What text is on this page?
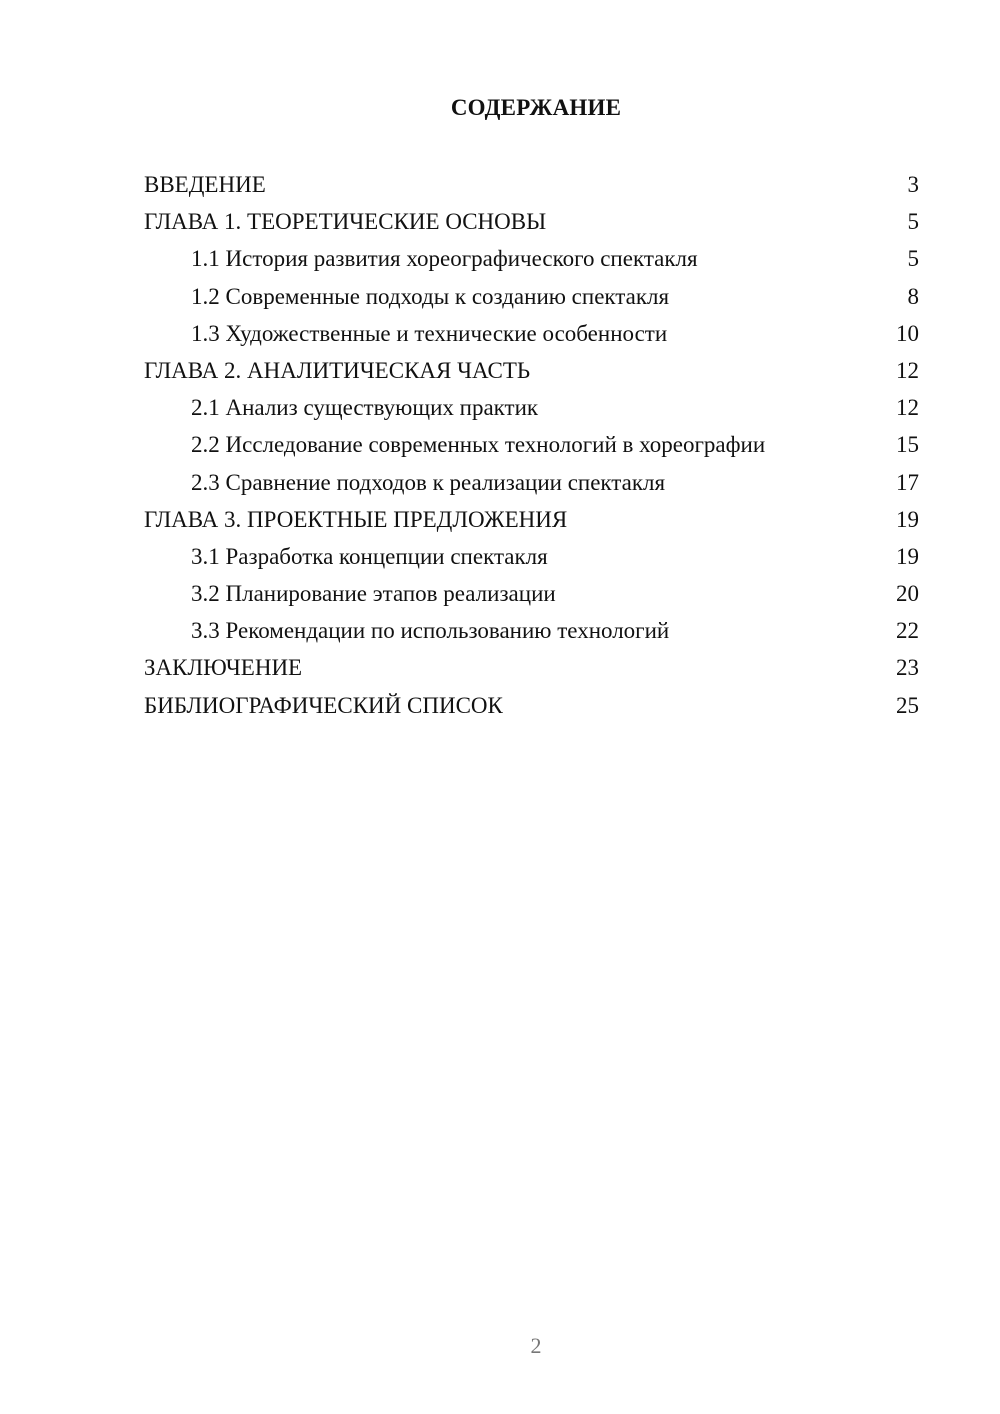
СОДЕРЖАНИЕ
ВВЕДЕНИЕ	3
ГЛАВА 1. ТЕОРЕТИЧЕСКИЕ ОСНОВЫ	5
1.1 История развития хореографического спектакля	5
1.2 Современные подходы к созданию спектакля	8
1.3 Художественные и технические особенности	10
ГЛАВА 2. АНАЛИТИЧЕСКАЯ ЧАСТЬ	12
2.1 Анализ существующих практик	12
2.2 Исследование современных технологий в хореографии	15
2.3 Сравнение подходов к реализации спектакля	17
ГЛАВА 3. ПРОЕКТНЫЕ ПРЕДЛОЖЕНИЯ	19
3.1 Разработка концепции спектакля	19
3.2 Планирование этапов реализации	20
3.3 Рекомендации по использованию технологий	22
ЗАКЛЮЧЕНИЕ	23
БИБЛИОГРАФИЧЕСКИЙ СПИСОК	25
2
